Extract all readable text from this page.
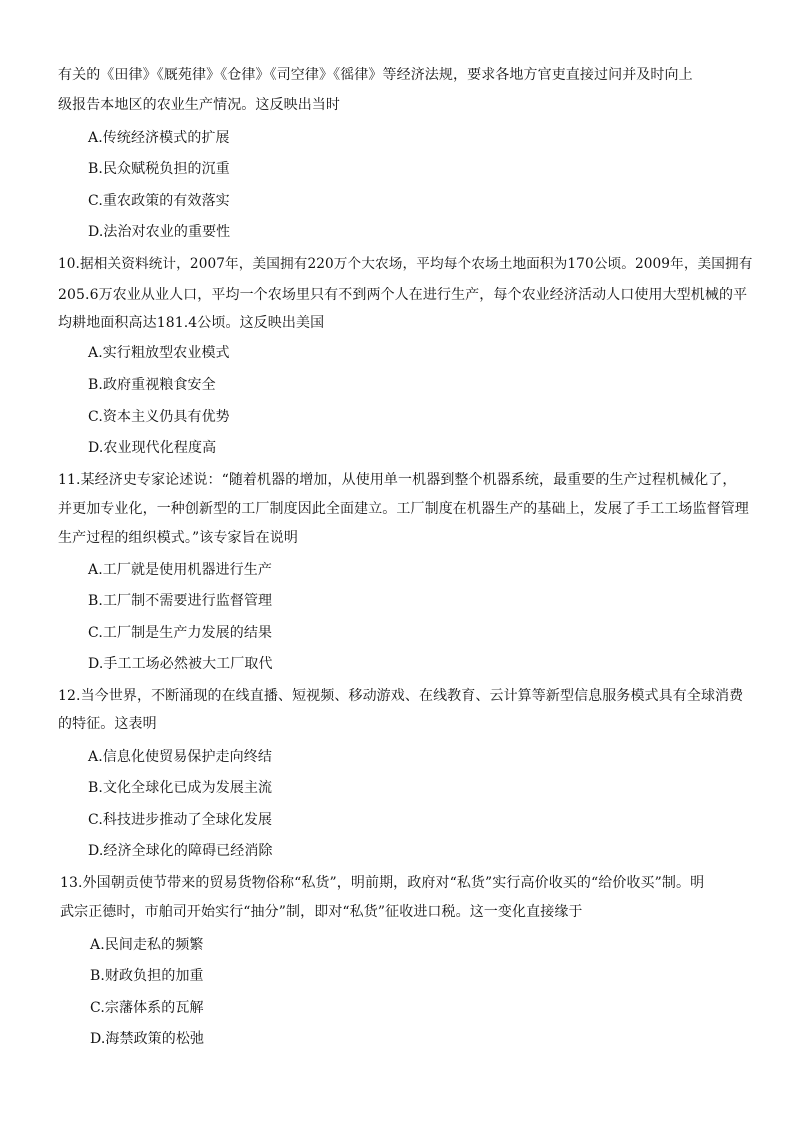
有关的《田律》《厩苑律》《仓律》《司空律》《徭律》等经济法规，要求各地方官吏直接过问并及时向上
级报告本地区的农业生产情况。这反映出当时
A.传统经济模式的扩展
B.民众赋税负担的沉重
C.重农政策的有效落实
D.法治对农业的重要性
10.据相关资料统计，2007年，美国拥有220万个大农场，平均每个农场土地面积为170公顷。2009年，美国拥有
205.6万农业从业人口，平均一个农场里只有不到两个人在进行生产，每个农业经济活动人口使用大型机械的平
均耕地面积高达181.4公顷。这反映出美国
A.实行粗放型农业模式
B.政府重视粮食安全
C.资本主义仍具有优势
D.农业现代化程度高
11.某经济史专家论述说：“随着机器的增加，从使用单一机器到整个机器系统，最重要的生产过程机械化了，
并更加专业化，一种创新型的工厂制度因此全面建立。工厂制度在机器生产的基础上，发展了手工工场监督管理
生产过程的组织模式。”该专家旨在说明
A.工厂就是使用机器进行生产
B.工厂制不需要进行监督管理
C.工厂制是生产力发展的结果
D.手工工场必然被大工厂取代
12.当今世界，不断涌现的在线直播、短视频、移动游戏、在线教育、云计算等新型信息服务模式具有全球消费
的特征。这表明
A.信息化使贸易保护走向终结
B.文化全球化已成为发展主流
C.科技进步推动了全球化发展
D.经济全球化的障碍已经消除
13.外国朝贡使节带来的贸易货物俗称“私货”，明前期，政府对“私货”实行高价收买的“给价收买”制。明
武宗正德时，市舶司开始实行“抽分”制，即对“私货”征收进口税。这一变化直接缘于
A.民间走私的频繁
B.财政负担的加重
C.宗藩体系的瓦解
D.海禁政策的松弛
